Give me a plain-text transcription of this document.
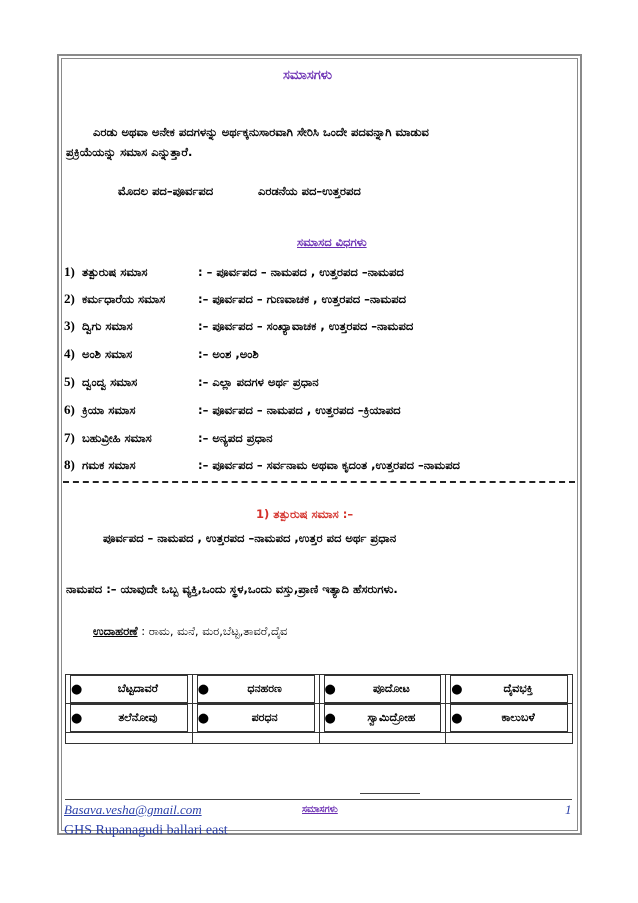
ಸಮಾಸಗಳು
ಎರಡು ಅಥವಾ ಅನೇಕ ಪದಗಳನ್ನು ಅರ್ಥಕ್ಕನುಸಾರವಾಗಿ ಸೇರಿಸಿ ಒಂದೇ ಪದವನ್ನಾಗಿ ಮಾಡುವ
ಪ್ರಕ್ರಿಯೆಯನ್ನು ಸಮಾಸ ಎನ್ನುತ್ತಾರೆ.
ಮೊದಲ ಪದ–ಪೂರ್ವಪದ	ಎರಡನೆಯ ಪದ–ಉತ್ತರಪದ
ಸಮಾಸದ ವಿಧಗಳು
1) ತತ್ಪುರುಷ ಸಮಾಸ	: – ಪೂರ್ವಪದ – ನಾಮಪದ , ಉತ್ತರಪದ –ನಾಮಪದ
2) ಕರ್ಮಧಾರೆಯ ಸಮಾಸ	:– ಪೂರ್ವಪದ – ಗುಣವಾಚಕ , ಉತ್ತರಪದ –ನಾಮಪದ
3) ದ್ವಿಗು ಸಮಾಸ	:– ಪೂರ್ವಪದ – ಸಂಖ್ಯಾವಾಚಕ , ಉತ್ತರಪದ –ನಾಮಪದ
4) ಅಂಶಿ ಸಮಾಸ	:– ಅಂಶ ,ಅಂಶಿ
5) ದ್ವಂದ್ವ ಸಮಾಸ	:– ಎಲ್ಲಾ ಪದಗಳ ಅರ್ಥ ಪ್ರಧಾನ
6) ಕ್ರಿಯಾ ಸಮಾಸ	:– ಪೂರ್ವಪದ – ನಾಮಪದ , ಉತ್ತರಪದ –ಕ್ರಿಯಾಪದ
7) ಬಹುವ್ರೀಹಿ ಸಮಾಸ	:– ಅನ್ಯಪದ ಪ್ರಧಾನ
8) ಗಮಕ ಸಮಾಸ	:– ಪೂರ್ವಪದ – ಸರ್ವನಾಮ ಅಥವಾ ಕೃದಂತ ,ಉತ್ತರಪದ –ನಾಮಪದ
1) ತತ್ಪುರುಷ ಸಮಾಸ :–
ಪೂರ್ವಪದ – ನಾಮಪದ , ಉತ್ತರಪದ –ನಾಮಪದ ,ಉತ್ತರ ಪದ ಅರ್ಥ ಪ್ರಧಾನ
ನಾಮಪದ :– ಯಾವುದೇ ಒಬ್ಬ ವ್ಯಕ್ತಿ,ಒಂದು ಸ್ಥಳ,ಒಂದು ವಸ್ತು,ಪ್ರಾಣಿ ಇತ್ಯಾದಿ ಹೆಸರುಗಳು.
ಉದಾಹರಣೆ : ರಾಮ, ಮನೆ, ಮರ,ಬೆಟ್ಟ,ತಾವರೆ,ದೈವ
● ಬೆಟ್ಟದಾವರೆ	● ಧನಹರಣ	● ಪೂದೋಟ	● ದೈವಭಕ್ತಿ

● ತಲೆನೋವು	● ಪರಧನ	● ಸ್ವಾಮಿದ್ರೋಹ	● ಕಾಲುಬಳೆ

Basava.vesha@gmail.com	ಸಮಾಸಗಳು	1
GHS Rupanagudi ballari east
